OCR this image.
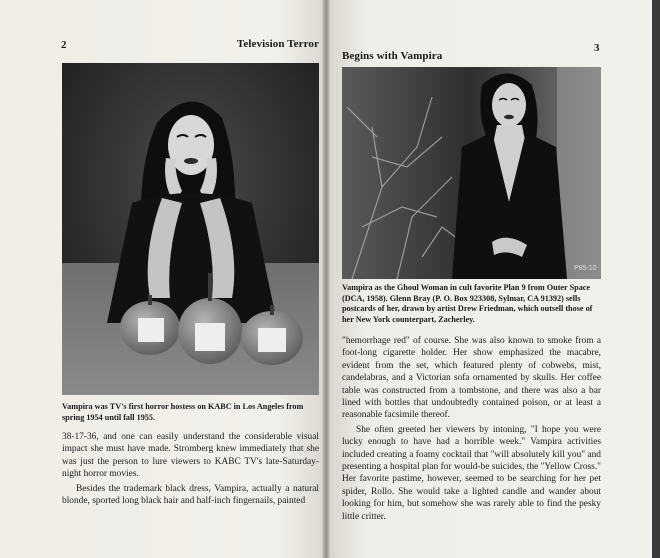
2	Television Terror
Vampira was TV's first horror hostess on KABC in Los Angeles from spring 1954 until fall 1955.

38-17-36, and one can easily understand the considerable visual impact she must have made. Stromberg knew immediately that she was just the person to lure viewers to KABC TV's late-Saturday-night horror movies.

Besides the trademark black dress, Vampira, actually a natural blonde, sported long black hair and half-inch fingernails, painted

Begins with Vampira
3
P85-10
Vampira as the Ghoul Woman in cult favorite Plan 9 from Outer Space (DCA, 1958). Glenn Bray (P. O. Box 923308, Sylmar, CA 91392) sells postcards of her, drawn by artist Drew Friedman, which outsell those of her New York counterpart, Zacherley.

"hemorrhage red" of course. She was also known to smoke from a foot-long cigarette holder. Her show emphasized the macabre, evident from the set, which featured plenty of cobwebs, mist, candelabras, and a Victorian sofa ornamented by skulls. Her coffee table was constructed from a tombstone, and there was also a bar lined with bottles that undoubtedly contained poison, or at least a reasonable facsimile thereof.

She often greeted her viewers by intoning, "I hope you were lucky enough to have had a horrible week." Vampira activities included creating a foamy cocktail that "will absolutely kill you" and presenting a hospital plan for would-be suicides, the "Yellow Cross." Her favorite pastime, however, seemed to be searching for her pet spider, Rollo. She would take a lighted candle and wander about looking for him, but somehow she was rarely able to find the pesky little critter.
